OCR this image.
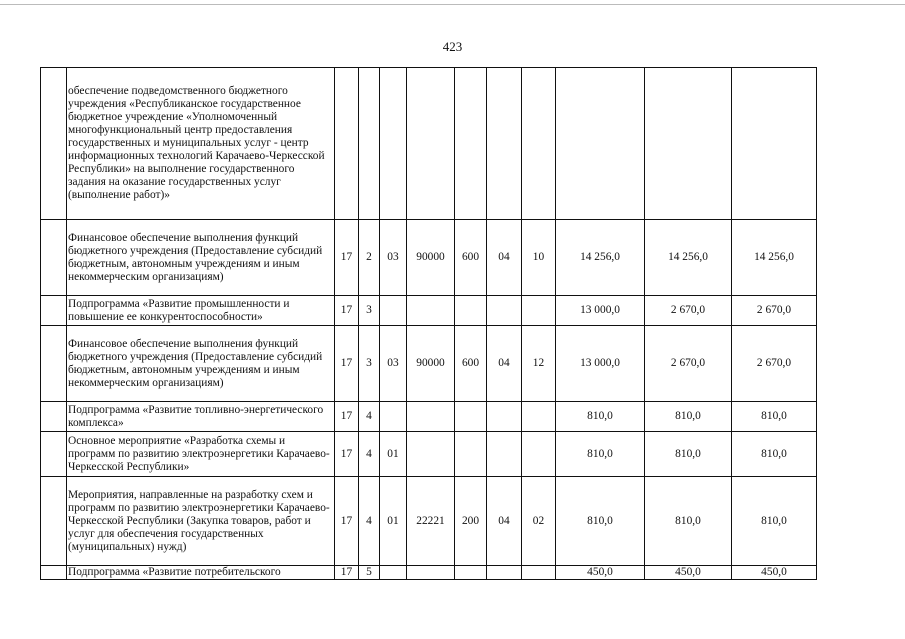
423
	обеспечение подведомственного бюджетного учреждения «Республиканское государственное бюджетное учреждение «Уполномоченный многофункциональный центр предоставления государственных и муниципальных услуг - центр информационных технологий Карачаево-Черкесской Республики» на выполнение государственного задания на оказание государственных услуг (выполнение работ)»										
	Финансовое обеспечение выполнения функций бюджетного учреждения (Предоставление субсидий бюджетным, автономным учреждениям и иным некоммерческим организациям)	17	2	03	90000	600	04	10	14 256,0	14 256,0	14 256,0
	Подпрограмма «Развитие промышленности и повышение ее конкурентоспособности»	17	3						13 000,0	2 670,0	2 670,0
	Финансовое обеспечение выполнения функций бюджетного учреждения (Предоставление субсидий бюджетным, автономным учреждениям и иным некоммерческим организациям)	17	3	03	90000	600	04	12	13 000,0	2 670,0	2 670,0
	Подпрограмма «Развитие топливно-энергетического комплекса»	17	4						810,0	810,0	810,0
	Основное мероприятие «Разработка схемы и программ по развитию электроэнергетики Карачаево-Черкесской Республики»	17	4	01					810,0	810,0	810,0
	Мероприятия, направленные на разработку схем и программ по развитию электроэнергетики Карачаево-Черкесской Республики (Закупка товаров, работ и услуг для обеспечения государственных (муниципальных) нужд)	17	4	01	22221	200	04	02	810,0	810,0	810,0
	Подпрограмма «Развитие потребительского	17	5						450,0	450,0	450,0
